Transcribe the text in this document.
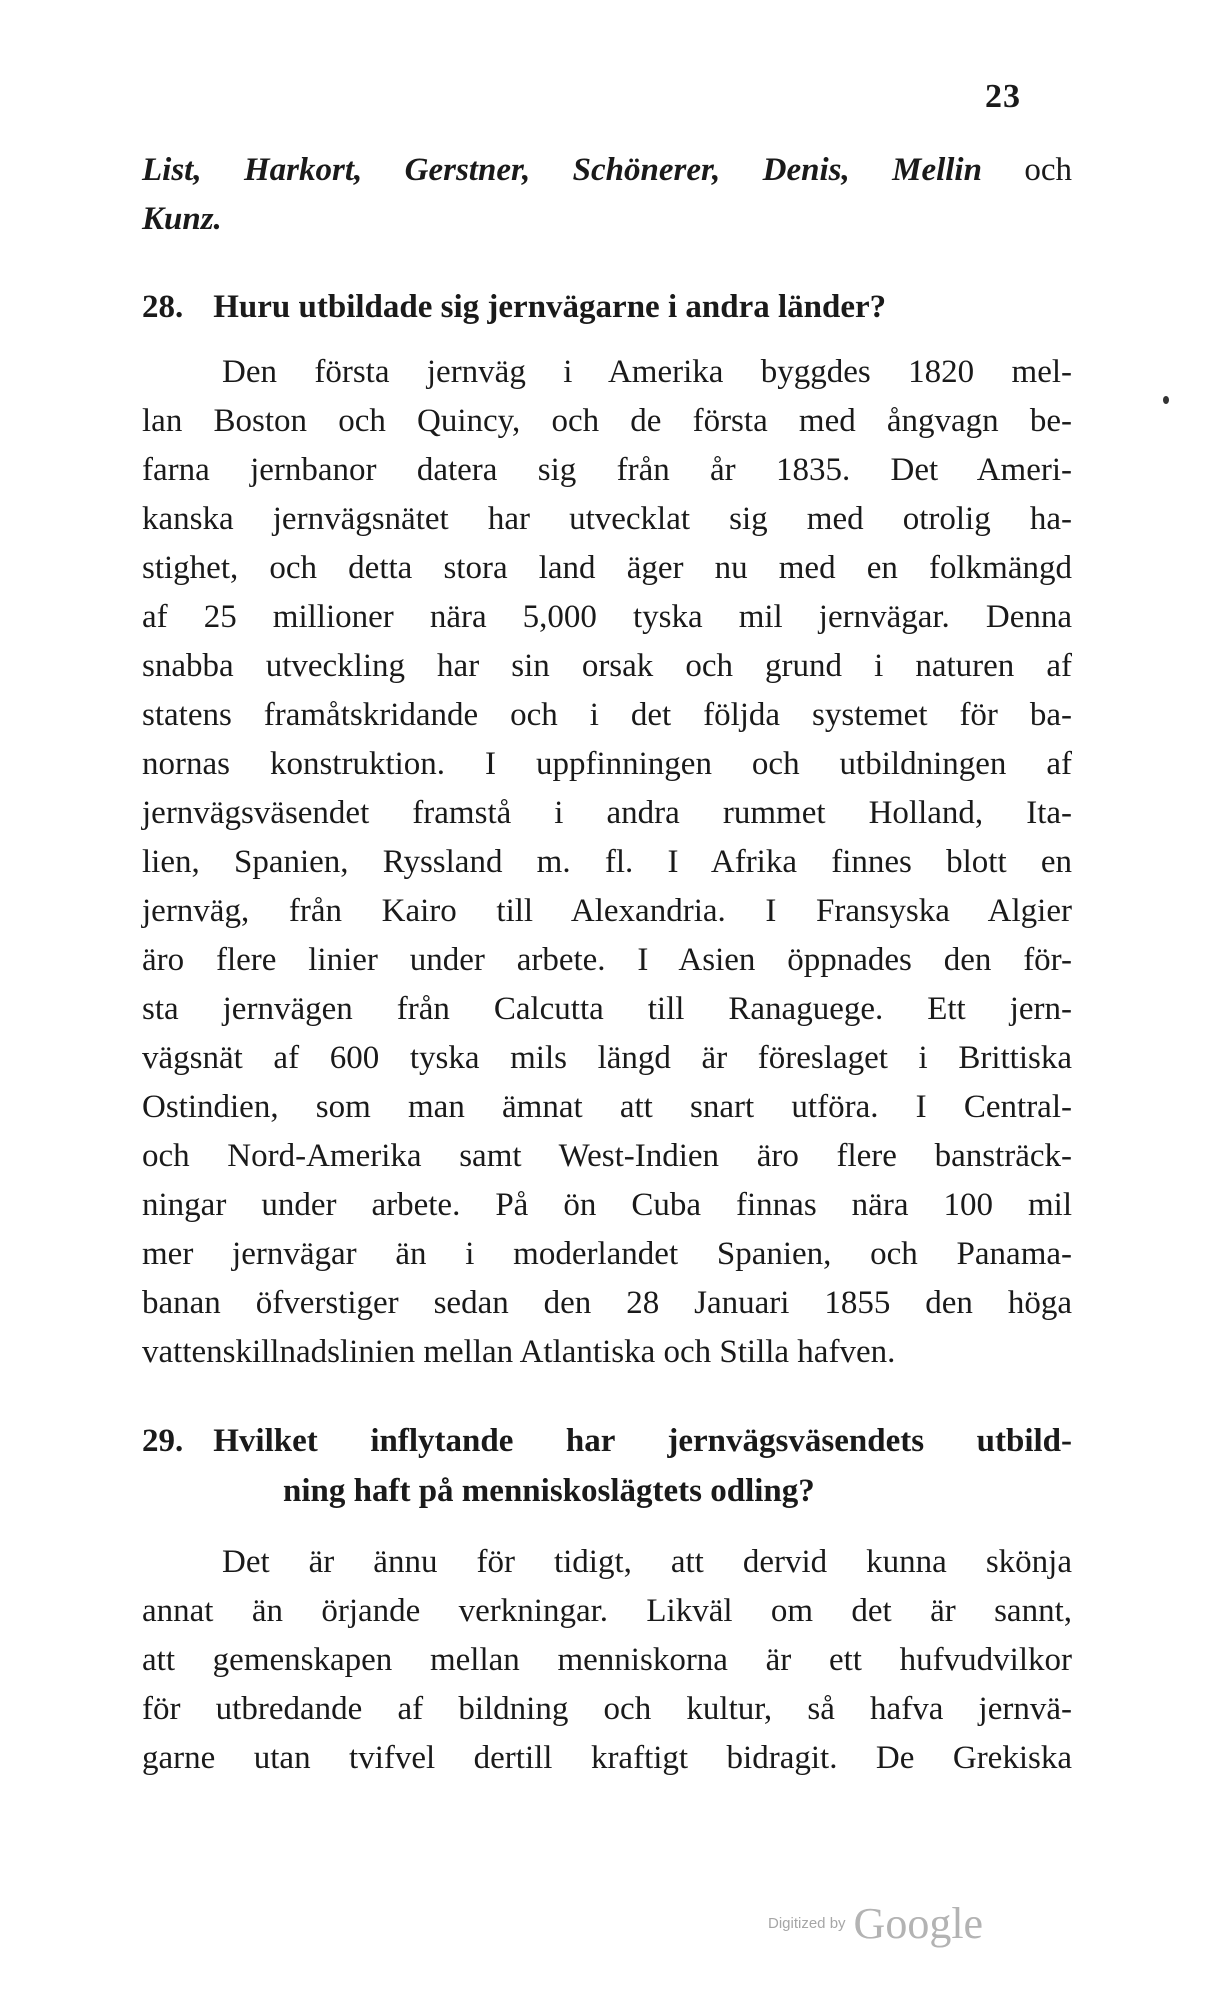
23
List, Harkort, Gerstner, Schönerer, Denis, Mellin och
Kunz.
28. Huru utbildade sig jernvägarne i andra länder?
Den första jernväg i Amerika byggdes 1820 mel-
lan Boston och Quincy, och de första med ångvagn be-
farna jernbanor datera sig från år 1835. Det Ameri-
kanska jernvägsnätet har utvecklat sig med otrolig ha-
stighet, och detta stora land äger nu med en folkmängd
af 25 millioner nära 5,000 tyska mil jernvägar. Denna
snabba utveckling har sin orsak och grund i naturen af
statens framåtskridande och i det följda systemet för ba-
nornas konstruktion. I uppfinningen och utbildningen af
jernvägsväsendet framstå i andra rummet Holland, Ita-
lien, Spanien, Ryssland m. fl. I Afrika finnes blott en
jernväg, från Kairo till Alexandria. I Fransyska Algier
äro flere linier under arbete. I Asien öppnades den för-
sta jernvägen från Calcutta till Ranaguege. Ett jern-
vägsnät af 600 tyska mils längd är föreslaget i Brittiska
Ostindien, som man ämnat att snart utföra. I Central-
och Nord-Amerika samt West-Indien äro flere bansträck-
ningar under arbete. På ön Cuba finnas nära 100 mil
mer jernvägar än i moderlandet Spanien, och Panama-
banan öfverstiger sedan den 28 Januari 1855 den höga
vattenskillnadslinien mellan Atlantiska och Stilla hafven.
29. Hvilket inflytande har jernvägsväsendets utbild-
ning haft på menniskoslägtets odling?
Det är ännu för tidigt, att dervid kunna skönja
annat än örjande verkningar. Likväl om det är sannt,
att gemenskapen mellan menniskorna är ett hufvudvilkor
för utbredande af bildning och kultur, så hafva jernvä-
garne utan tvifvel dertill kraftigt bidragit. De Grekiska
Digitized by Google
